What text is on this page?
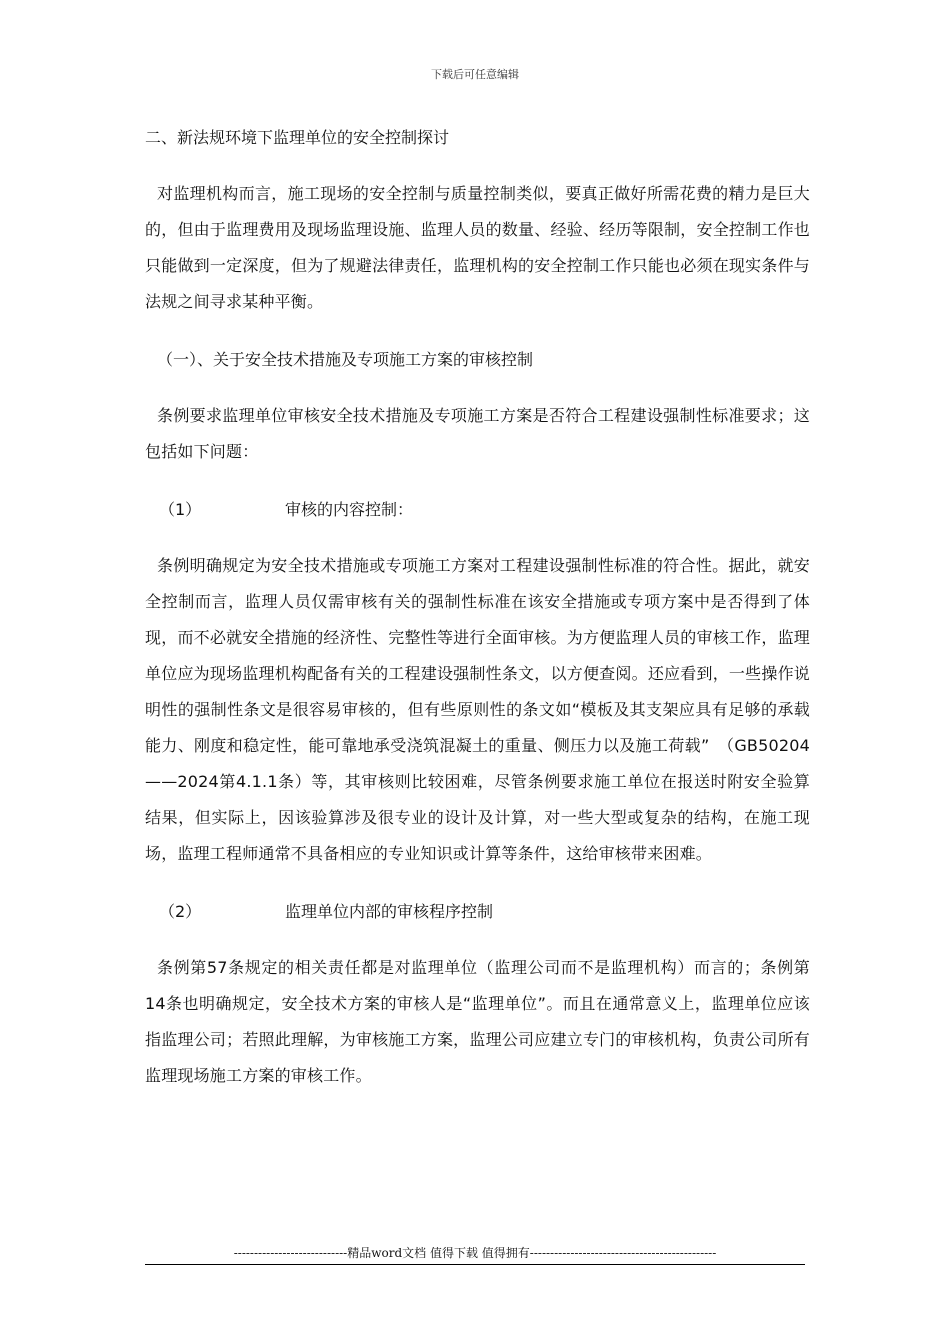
下载后可任意编辑
二、新法规环境下监理单位的安全控制探讨

对监理机构而言，施工现场的安全控制与质量控制类似，要真正做好所需花费的精力是巨大的，但由于监理费用及现场监理设施、监理人员的数量、经验、经历等限制，安全控制工作也只能做到一定深度，但为了规避法律责任，监理机构的安全控制工作只能也必须在现实条件与法规之间寻求某种平衡。

（一）、关于安全技术措施及专项施工方案的审核控制

条例要求监理单位审核安全技术措施及专项施工方案是否符合工程建设强制性标准要求；这包括如下问题：

（1）	审核的内容控制：

条例明确规定为安全技术措施或专项施工方案对工程建设强制性标准的符合性。据此，就安全控制而言，监理人员仅需审核有关的强制性标准在该安全措施或专项方案中是否得到了体现，而不必就安全措施的经济性、完整性等进行全面审核。为方便监理人员的审核工作，监理单位应为现场监理机构配备有关的工程建设强制性条文，以方便查阅。还应看到，一些操作说明性的强制性条文是很容易审核的，但有些原则性的条文如“模板及其支架应具有足够的承载能力、刚度和稳定性，能可靠地承受浇筑混凝土的重量、侧压力以及施工荷载”　（GB50204——2024第4.1.1条）等，其审核则比较困难，尽管条例要求施工单位在报送时附安全验算结果，但实际上，因该验算涉及很专业的设计及计算，对一些大型或复杂的结构，在施工现场，监理工程师通常不具备相应的专业知识或计算等条件，这给审核带来困难。

（2）	监理单位内部的审核程序控制

条例第57条规定的相关责任都是对监理单位（监理公司而不是监理机构）而言的；条例第14条也明确规定，安全技术方案的审核人是“监理单位”。而且在通常意义上，监理单位应该指监理公司；若照此理解，为审核施工方案，监理公司应建立专门的审核机构，负责公司所有监理现场施工方案的审核工作。

----------------------------精品word文档 值得下载 值得拥有----------------------------------------------
